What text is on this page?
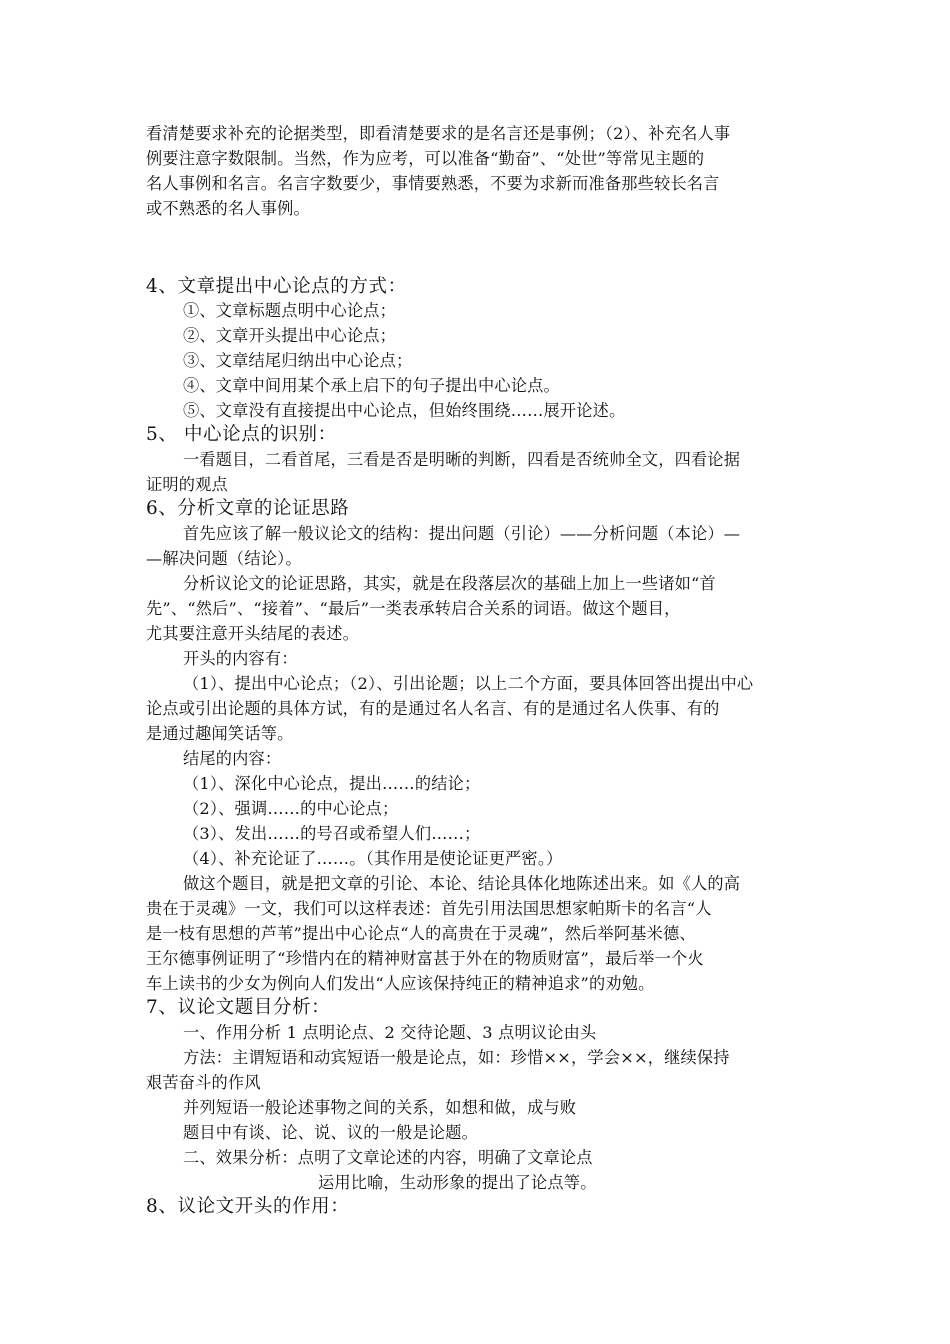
看清楚要求补充的论据类型，即看清楚要求的是名言还是事例；（2）、补充名人事

例要注意字数限制。当然，作为应考，可以准备“勤奋”、“处世”等常见主题的

名人事例和名言。名言字数要少，事情要熟悉，不要为求新而准备那些较长名言

或不熟悉的名人事例。

4、文章提出中心论点的方式：

①、文章标题点明中心论点；

②、文章开头提出中心论点；

③、文章结尾归纳出中心论点；

④、文章中间用某个承上启下的句子提出中心论点。

⑤、文章没有直接提出中心论点，但始终围绕……展开论述。

5、 中心论点的识别：

一看题目，二看首尾，三看是否是明晰的判断，四看是否统帅全文，四看论据

证明的观点

6、分析文章的论证思路

首先应该了解一般议论文的结构：提出问题（引论）——分析问题（本论）—

—解决问题（结论）。

分析议论文的论证思路，其实，就是在段落层次的基础上加上一些诸如“首

先”、“然后”、“接着”、“最后”一类表承转启合关系的词语。做这个题目，

尤其要注意开头结尾的表述。

开头的内容有：

（1）、提出中心论点；（2）、引出论题；以上二个方面，要具体回答出提出中心

论点或引出论题的具体方试，有的是通过名人名言、有的是通过名人佚事、有的

是通过趣闻笑话等。

结尾的内容：

（1）、深化中心论点，提出……的结论；

（2）、强调……的中心论点；

（3）、发出……的号召或希望人们……；

（4）、补充论证了……。（其作用是使论证更严密。）

做这个题目，就是把文章的引论、本论、结论具体化地陈述出来。如《人的高

贵在于灵魂》一文，我们可以这样表述：首先引用法国思想家帕斯卡的名言“人

是一枝有思想的芦苇”提出中心论点“人的高贵在于灵魂”，然后举阿基米德、

王尔德事例证明了“珍惜内在的精神财富甚于外在的物质财富”，最后举一个火

车上读书的少女为例向人们发出“人应该保持纯正的精神追求”的劝勉。

7、议论文题目分析：

一、作用分析 1 点明论点、2 交待论题、3 点明议论由头

方法：主谓短语和动宾短语一般是论点，如：珍惜××，学会××，继续保持

艰苦奋斗的作风

并列短语一般论述事物之间的关系，如想和做，成与败

题目中有谈、论、说、议的一般是论题。

二、效果分析：点明了文章论述的内容，明确了文章论点

运用比喻，生动形象的提出了论点等。

8、议论文开头的作用：
